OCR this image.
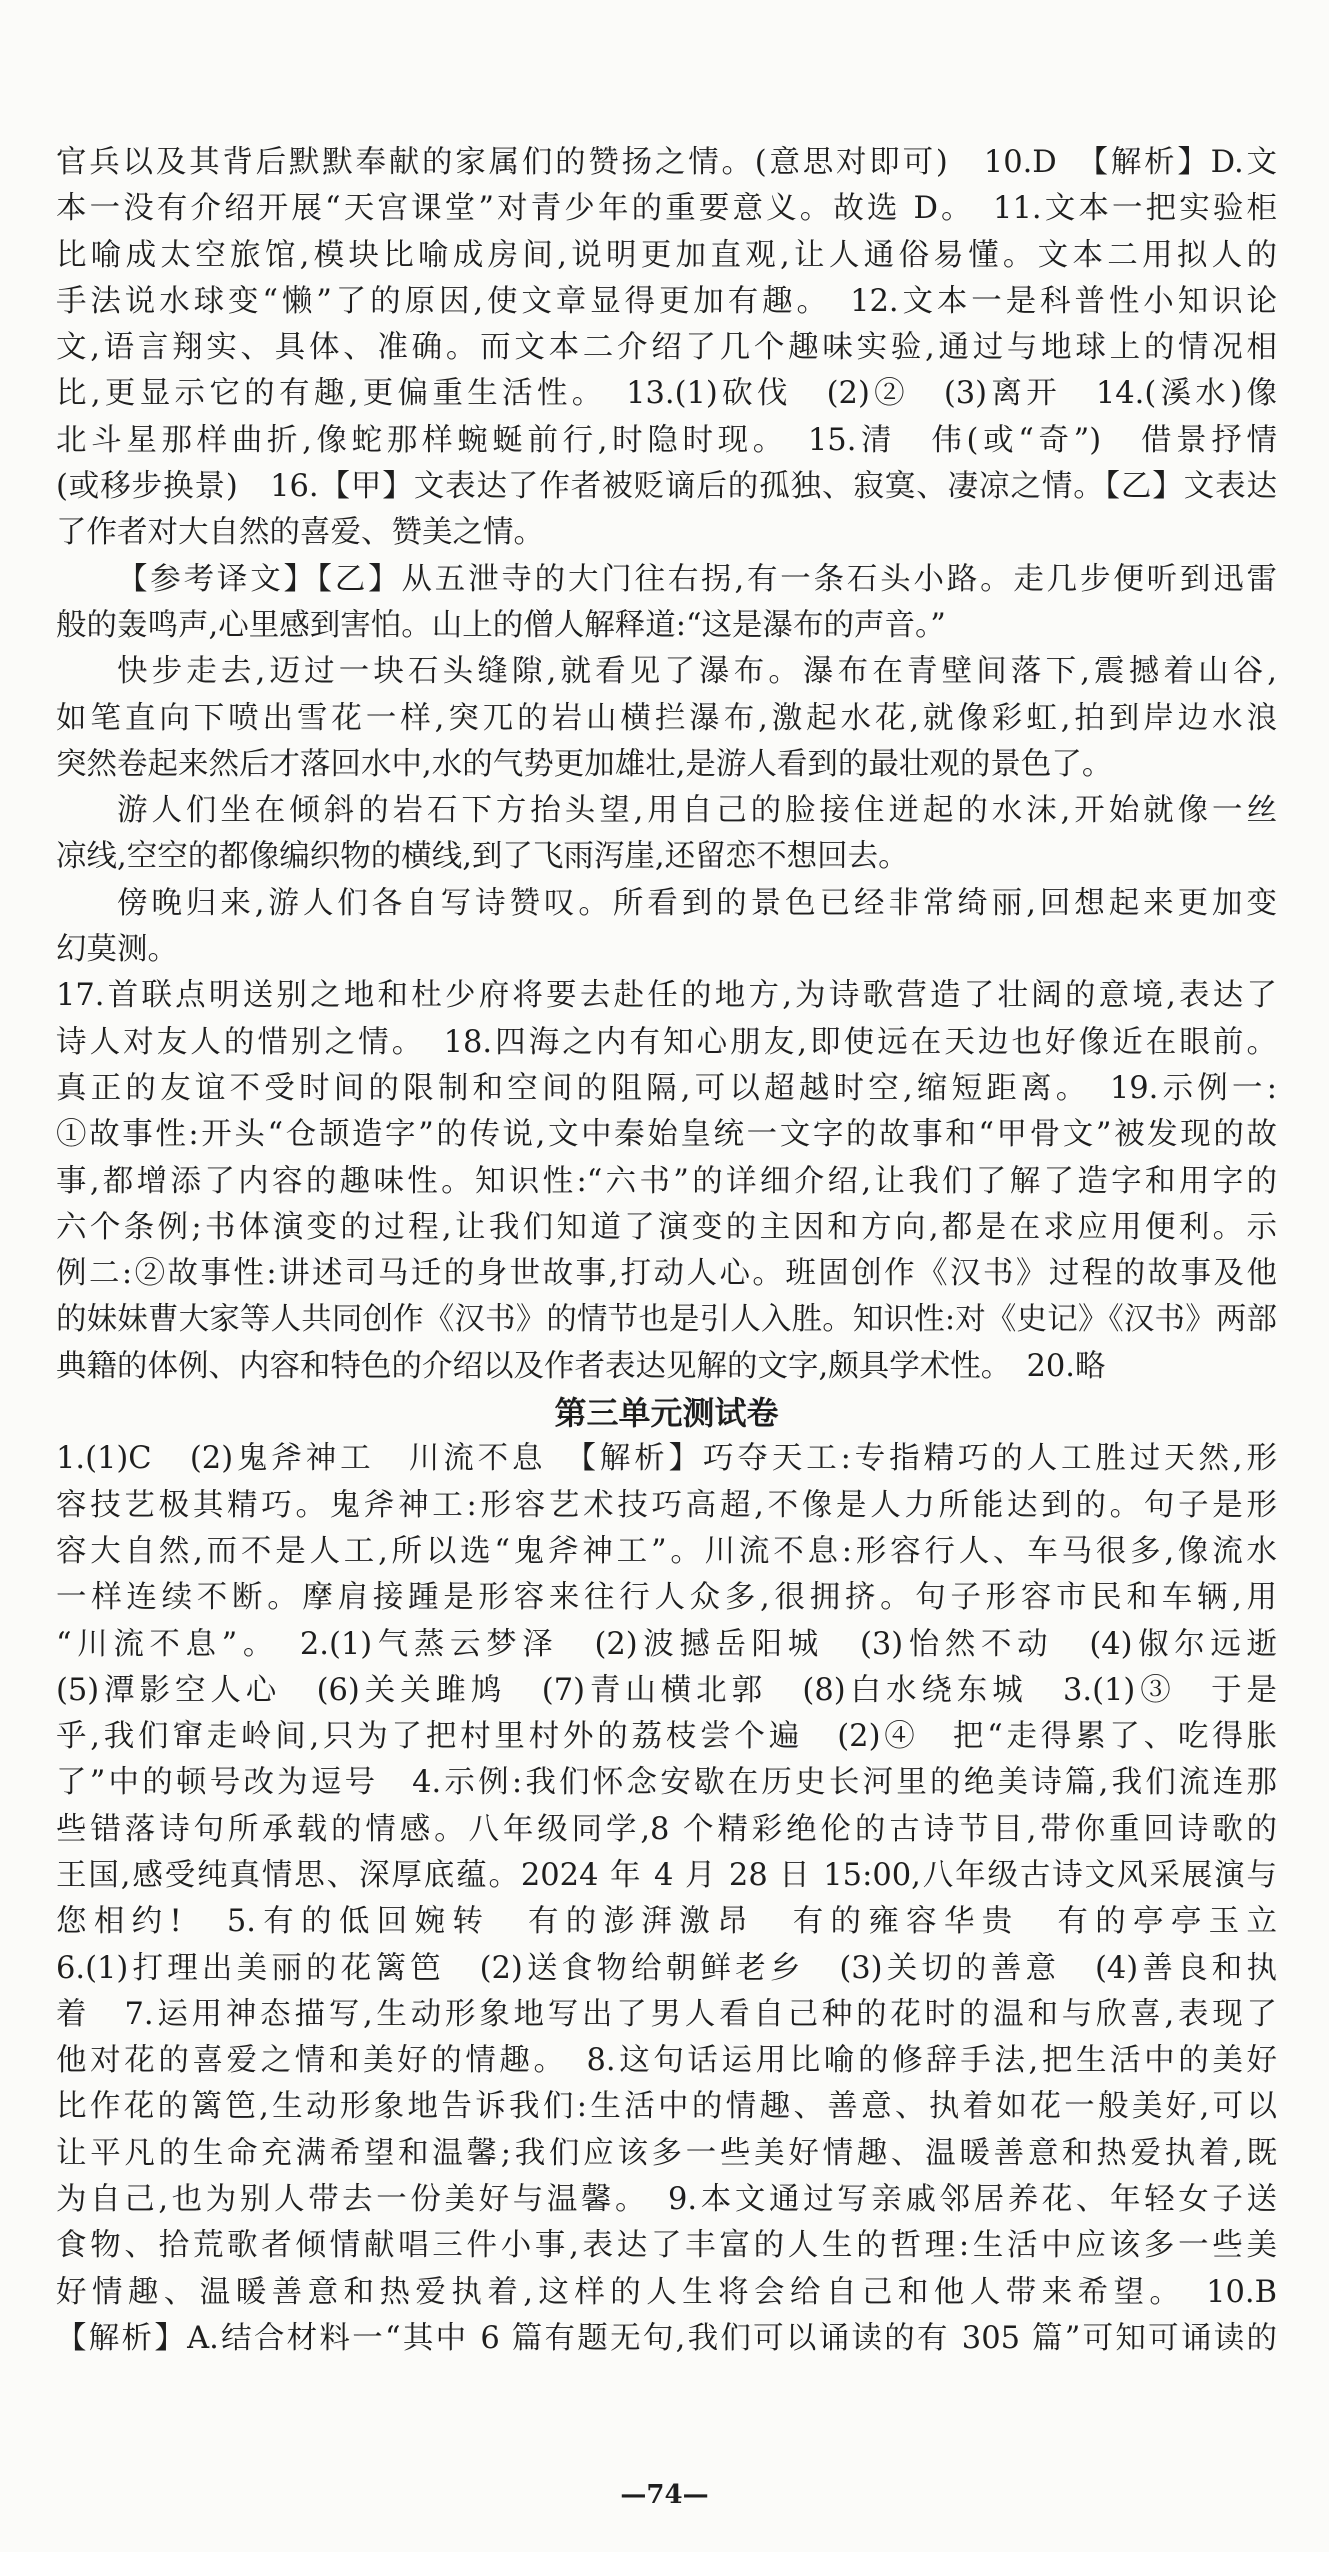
官兵以及其背后默默奉献的家属们的赞扬之情。(意思对即可)　10.D　【解析】D.文

本一没有介绍开展“天宫课堂”对青少年的重要意义。故选 D。　11.文本一把实验柜

比喻成太空旅馆,模块比喻成房间,说明更加直观,让人通俗易懂。文本二用拟人的

手法说水球变“懒”了的原因,使文章显得更加有趣。　12.文本一是科普性小知识论

文,语言翔实、具体、准确。而文本二介绍了几个趣味实验,通过与地球上的情况相

比,更显示它的有趣,更偏重生活性。　13.(1)砍伐　(2)②　(3)离开　14.(溪水)像

北斗星那样曲折,像蛇那样蜿蜒前行,时隐时现。　15.清　伟(或“奇”)　借景抒情

(或移步换景)　16.【甲】文表达了作者被贬谪后的孤独、寂寞、凄凉之情。【乙】文表达

了作者对大自然的喜爱、赞美之情。

【参考译文】【乙】从五泄寺的大门往右拐,有一条石头小路。走几步便听到迅雷

般的轰鸣声,心里感到害怕。山上的僧人解释道:“这是瀑布的声音。”

快步走去,迈过一块石头缝隙,就看见了瀑布。瀑布在青壁间落下,震撼着山谷,

如笔直向下喷出雪花一样,突兀的岩山横拦瀑布,激起水花,就像彩虹,拍到岸边水浪

突然卷起来然后才落回水中,水的气势更加雄壮,是游人看到的最壮观的景色了。

游人们坐在倾斜的岩石下方抬头望,用自己的脸接住迸起的水沫,开始就像一丝

凉线,空空的都像编织物的横线,到了飞雨泻崖,还留恋不想回去。

傍晚归来,游人们各自写诗赞叹。所看到的景色已经非常绮丽,回想起来更加变

幻莫测。

17.首联点明送别之地和杜少府将要去赴任的地方,为诗歌营造了壮阔的意境,表达了

诗人对友人的惜别之情。　18.四海之内有知心朋友,即使远在天边也好像近在眼前。

真正的友谊不受时间的限制和空间的阻隔,可以超越时空,缩短距离。　19.示例一:

①故事性:开头“仓颉造字”的传说,文中秦始皇统一文字的故事和“甲骨文”被发现的故

事,都增添了内容的趣味性。知识性:“六书”的详细介绍,让我们了解了造字和用字的

六个条例;书体演变的过程,让我们知道了演变的主因和方向,都是在求应用便利。示

例二:②故事性:讲述司马迁的身世故事,打动人心。班固创作《汉书》过程的故事及他

的妹妹曹大家等人共同创作《汉书》的情节也是引人入胜。知识性:对《史记》《汉书》两部

典籍的体例、内容和特色的介绍以及作者表达见解的文字,颇具学术性。　20.略

第三单元测试卷

1.(1)C　(2)鬼斧神工　川流不息　【解析】巧夺天工:专指精巧的人工胜过天然,形

容技艺极其精巧。鬼斧神工:形容艺术技巧高超,不像是人力所能达到的。句子是形

容大自然,而不是人工,所以选“鬼斧神工”。川流不息:形容行人、车马很多,像流水

一样连续不断。摩肩接踵是形容来往行人众多,很拥挤。句子形容市民和车辆,用

“川流不息”。　2.(1)气蒸云梦泽　(2)波撼岳阳城　(3)怡然不动　(4)俶尔远逝

(5)潭影空人心　(6)关关雎鸠　(7)青山横北郭　(8)白水绕东城　3.(1)③　于是

乎,我们窜走岭间,只为了把村里村外的荔枝尝个遍　(2)④　把“走得累了、吃得胀

了”中的顿号改为逗号　4.示例:我们怀念安歇在历史长河里的绝美诗篇,我们流连那

些错落诗句所承载的情感。八年级同学,8 个精彩绝伦的古诗节目,带你重回诗歌的

王国,感受纯真情思、深厚底蕴。2024 年 4 月 28 日 15:00,八年级古诗文风采展演与

您相约!　5.有的低回婉转　有的澎湃激昂　有的雍容华贵　有的亭亭玉立

6.(1)打理出美丽的花篱笆　(2)送食物给朝鲜老乡　(3)关切的善意　(4)善良和执

着　7.运用神态描写,生动形象地写出了男人看自己种的花时的温和与欣喜,表现了

他对花的喜爱之情和美好的情趣。　8.这句话运用比喻的修辞手法,把生活中的美好

比作花的篱笆,生动形象地告诉我们:生活中的情趣、善意、执着如花一般美好,可以

让平凡的生命充满希望和温馨;我们应该多一些美好情趣、温暖善意和热爱执着,既

为自己,也为别人带去一份美好与温馨。　9.本文通过写亲戚邻居养花、年轻女子送

食物、拾荒歌者倾情献唱三件小事,表达了丰富的人生的哲理:生活中应该多一些美

好情趣、温暖善意和热爱执着,这样的人生将会给自己和他人带来希望。　10.B

【解析】A.结合材料一“其中 6 篇有题无句,我们可以诵读的有 305 篇”可知可诵读的

—74—
